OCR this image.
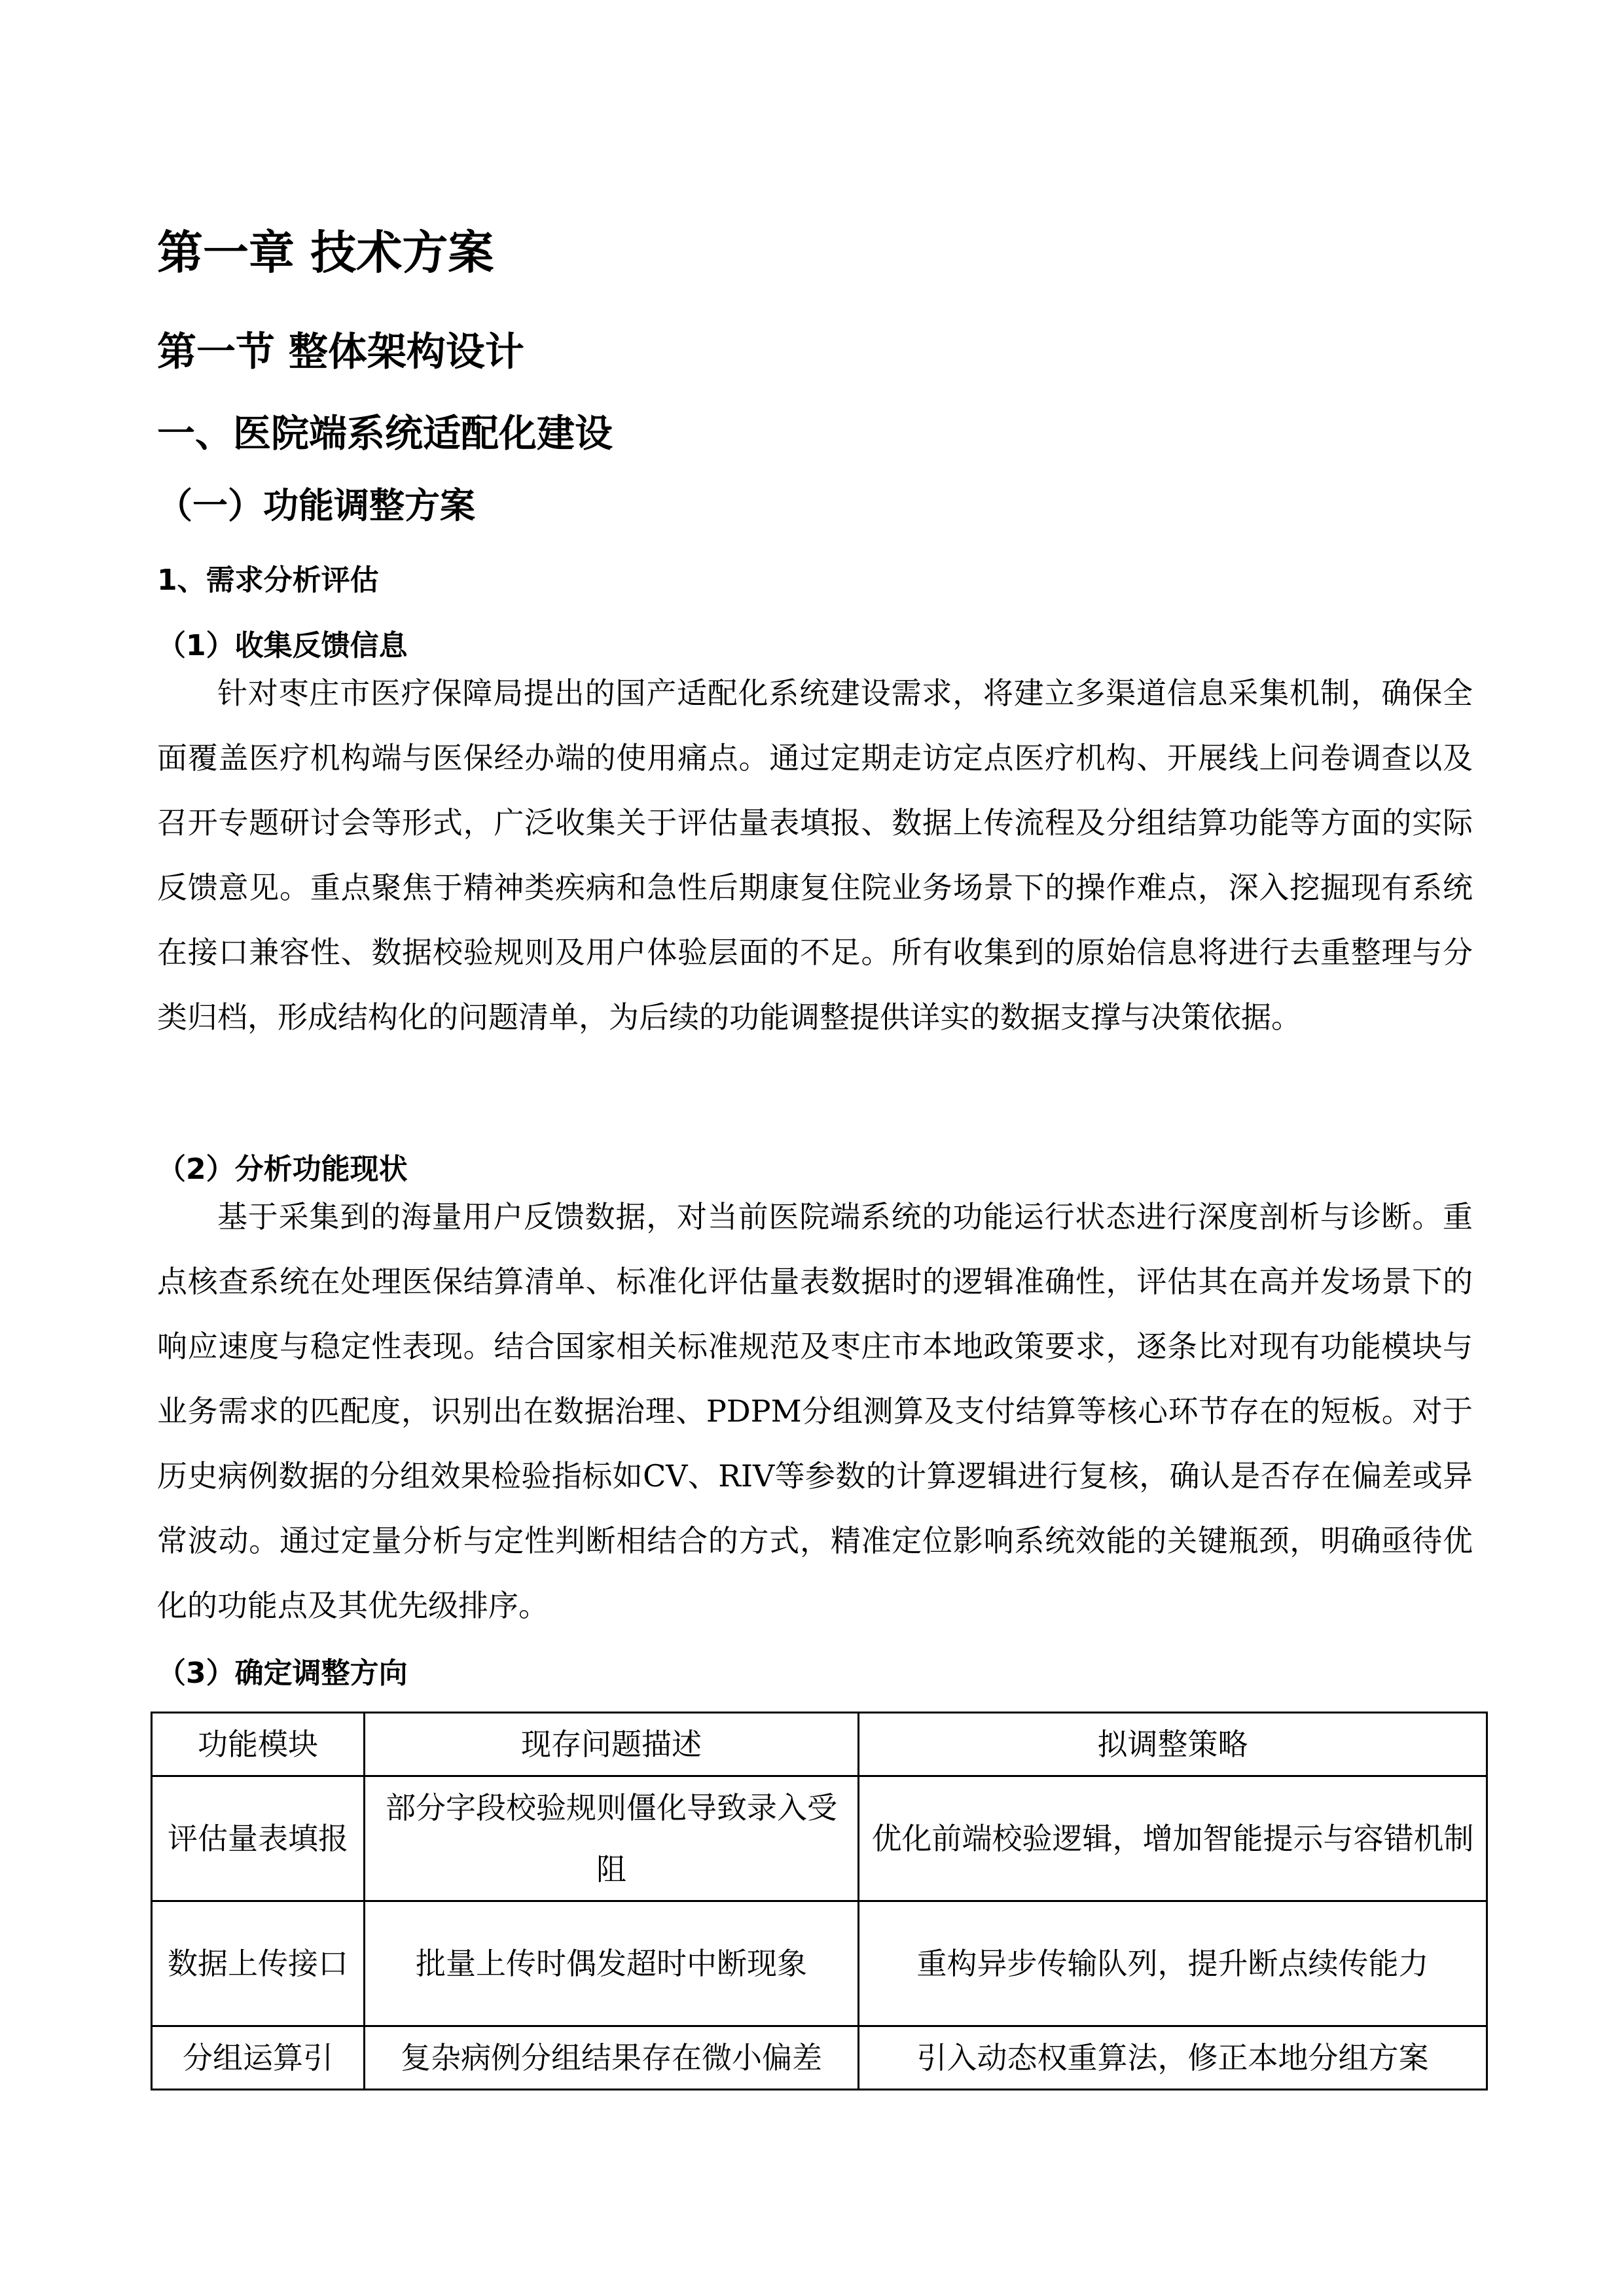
第一章 技术方案
第一节 整体架构设计
一、医院端系统适配化建设
（一）功能调整方案
1、需求分析评估
（1）收集反馈信息

针对枣庄市医疗保障局提出的国产适配化系统建设需求，将建立多渠道信息采集机制，确保全面覆盖医疗机构端与医保经办端的使用痛点。通过定期走访定点医疗机构、开展线上问卷调查以及召开专题研讨会等形式，广泛收集关于评估量表填报、数据上传流程及分组结算功能等方面的实际反馈意见。重点聚焦于精神类疾病和急性后期康复住院业务场景下的操作难点，深入挖掘现有系统在接口兼容性、数据校验规则及用户体验层面的不足。所有收集到的原始信息将进行去重整理与分类归档，形成结构化的问题清单，为后续的功能调整提供详实的数据支撑与决策依据。

（2）分析功能现状

基于采集到的海量用户反馈数据，对当前医院端系统的功能运行状态进行深度剖析与诊断。重点核查系统在处理医保结算清单、标准化评估量表数据时的逻辑准确性，评估其在高并发场景下的响应速度与稳定性表现。结合国家相关标准规范及枣庄市本地政策要求，逐条比对现有功能模块与业务需求的匹配度，识别出在数据治理、PDPM分组测算及支付结算等核心环节存在的短板。对于历史病例数据的分组效果检验指标如CV、RIV等参数的计算逻辑进行复核，确认是否存在偏差或异常波动。通过定量分析与定性判断相结合的方式，精准定位影响系统效能的关键瓶颈，明确亟待优化的功能点及其优先级排序。

（3）确定调整方向
功能模块	现存问题描述	拟调整策略
评估量表填报	部分字段校验规则僵化导致录入受阻	优化前端校验逻辑，增加智能提示与容错机制
数据上传接口	批量上传时偶发超时中断现象	重构异步传输队列，提升断点续传能力
分组运算引	复杂病例分组结果存在微小偏差	引入动态权重算法，修正本地分组方案
